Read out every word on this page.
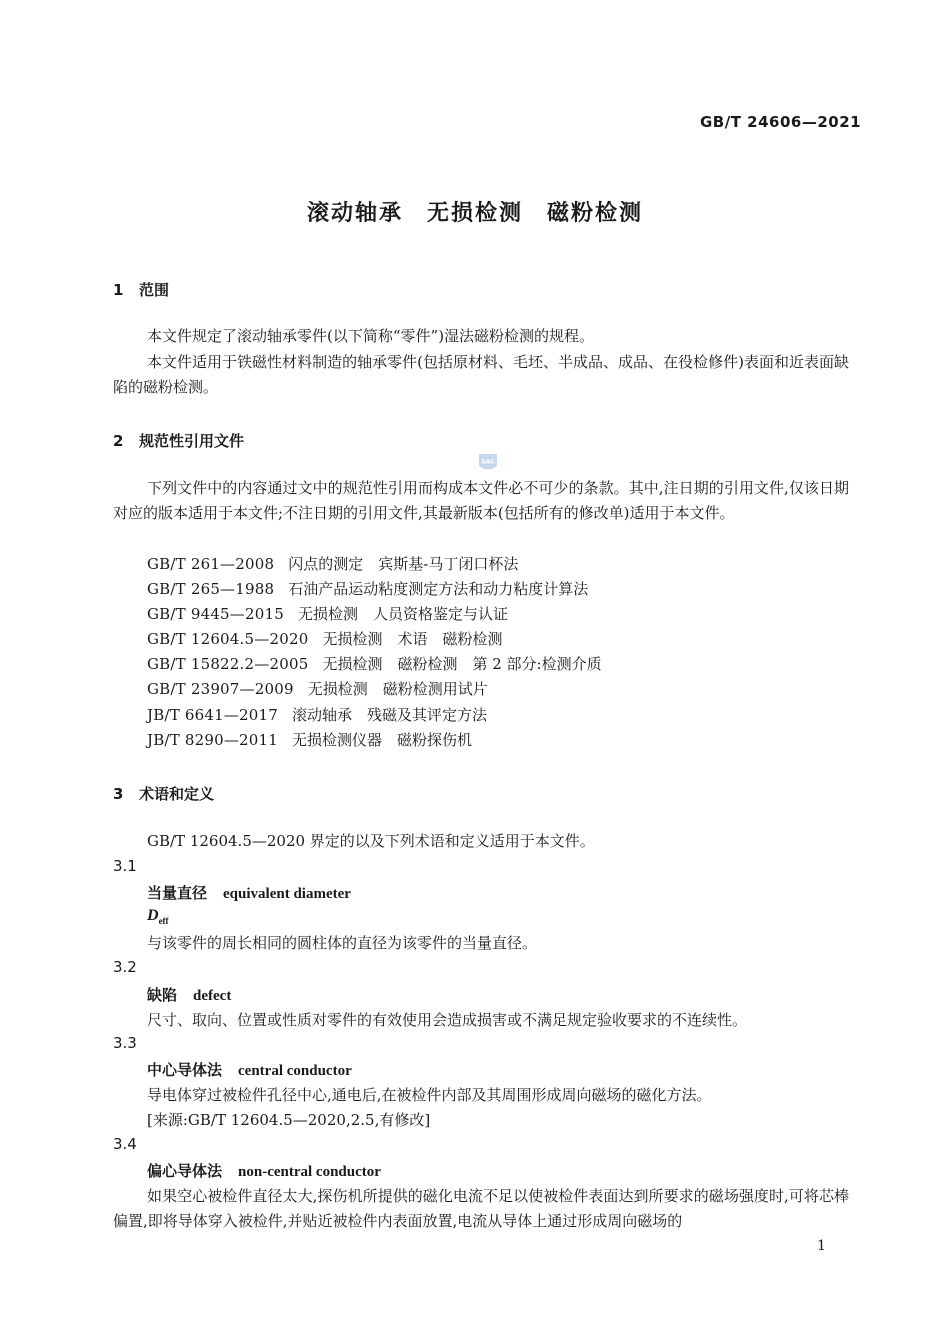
GB/T 24606—2021
SAC
滚动轴承　无损检测　磁粉检测
1 范围
本文件规定了滚动轴承零件(以下简称“零件”)湿法磁粉检测的规程。
本文件适用于铁磁性材料制造的轴承零件(包括原材料、毛坯、半成品、成品、在役检修件)表面和近表面缺陷的磁粉检测。
2 规范性引用文件
下列文件中的内容通过文中的规范性引用而构成本文件必不可少的条款。其中,注日期的引用文件,仅该日期对应的版本适用于本文件;不注日期的引用文件,其最新版本(包括所有的修改单)适用于本文件。
GB/T 261—2008 闪点的测定　宾斯基-马丁闭口杯法
GB/T 265—1988 石油产品运动粘度测定方法和动力粘度计算法
GB/T 9445—2015 无损检测　人员资格鉴定与认证
GB/T 12604.5—2020 无损检测　术语　磁粉检测
GB/T 15822.2—2005 无损检测　磁粉检测　第 2 部分:检测介质
GB/T 23907—2009 无损检测　磁粉检测用试片
JB/T 6641—2017 滚动轴承　残磁及其评定方法
JB/T 8290—2011 无损检测仪器　磁粉探伤机
3 术语和定义
GB/T 12604.5—2020 界定的以及下列术语和定义适用于本文件。
3.1
当量直径 equivalent diameter
$D_{eff}$
与该零件的周长相同的圆柱体的直径为该零件的当量直径。
3.2
缺陷 defect
尺寸、取向、位置或性质对零件的有效使用会造成损害或不满足规定验收要求的不连续性。
3.3
中心导体法 central conductor
导电体穿过被检件孔径中心,通电后,在被检件内部及其周围形成周向磁场的磁化方法。
[来源:GB/T 12604.5—2020,2.5,有修改]
3.4
偏心导体法 non-central conductor
如果空心被检件直径太大,探伤机所提供的磁化电流不足以使被检件表面达到所要求的磁场强度时,可将芯棒偏置,即将导体穿入被检件,并贴近被检件内表面放置,电流从导体上通过形成周向磁场的
1
